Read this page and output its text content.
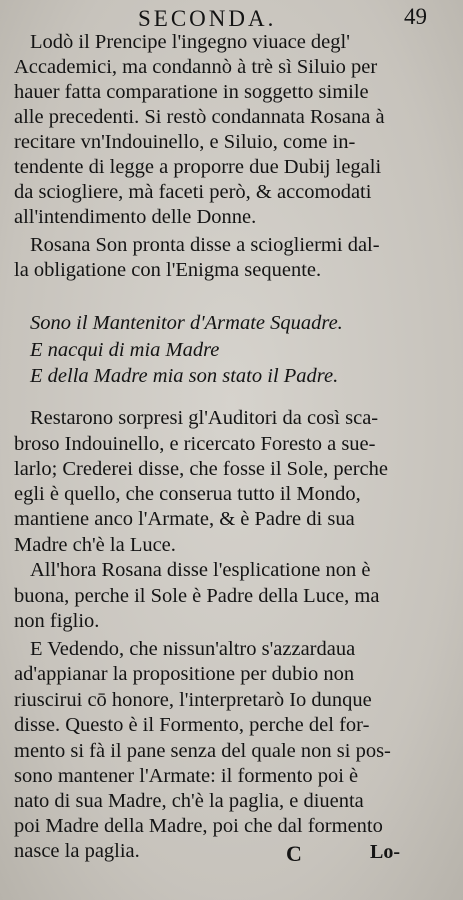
SECONDA.	49
Lodò il Prencipe l'ingegno viuace degl'
Accademici, ma condannò à trè sì Siluio per
hauer fatta comparatione in soggetto simile
alle precedenti. Si restò condannata Rosana à
recitare vn'Indouinello, e Siluio, come in-
tendente di legge a proporre due Dubij legali
da sciogliere, mà faceti però, & accomodati
all'intendimento delle Donne.
Rosana Son pronta disse a sciogliermi dal-
la obligatione con l'Enigma sequente.
Sono il Mantenitor d'Armate Squadre.
E nacqui di mia Madre
E della Madre mia son stato il Padre.
Restarono sorpresi gl'Auditori da così sca-
broso Indouinello, e ricercato Foresto a sue-
larlo; Crederei disse, che fosse il Sole, perche
egli è quello, che conserua tutto il Mondo,
mantiene anco l'Armate, & è Padre di sua
Madre ch'è la Luce.
All'hora Rosana disse l'esplicatione non è
buona, perche il Sole è Padre della Luce, ma
non figlio.
E Vedendo, che nissun'altro s'azzardaua
ad'appianar la propositione per dubio non
riuscirui cō honore, l'interpretarò Io dunque
disse. Questo è il Formento, perche del for-
mento si fà il pane senza del quale non si pos-
sono mantener l'Armate: il formento poi è
nato di sua Madre, ch'è la paglia, e diuenta
poi Madre della Madre, poi che dal formento
nasce la paglia.	C	Lo-
